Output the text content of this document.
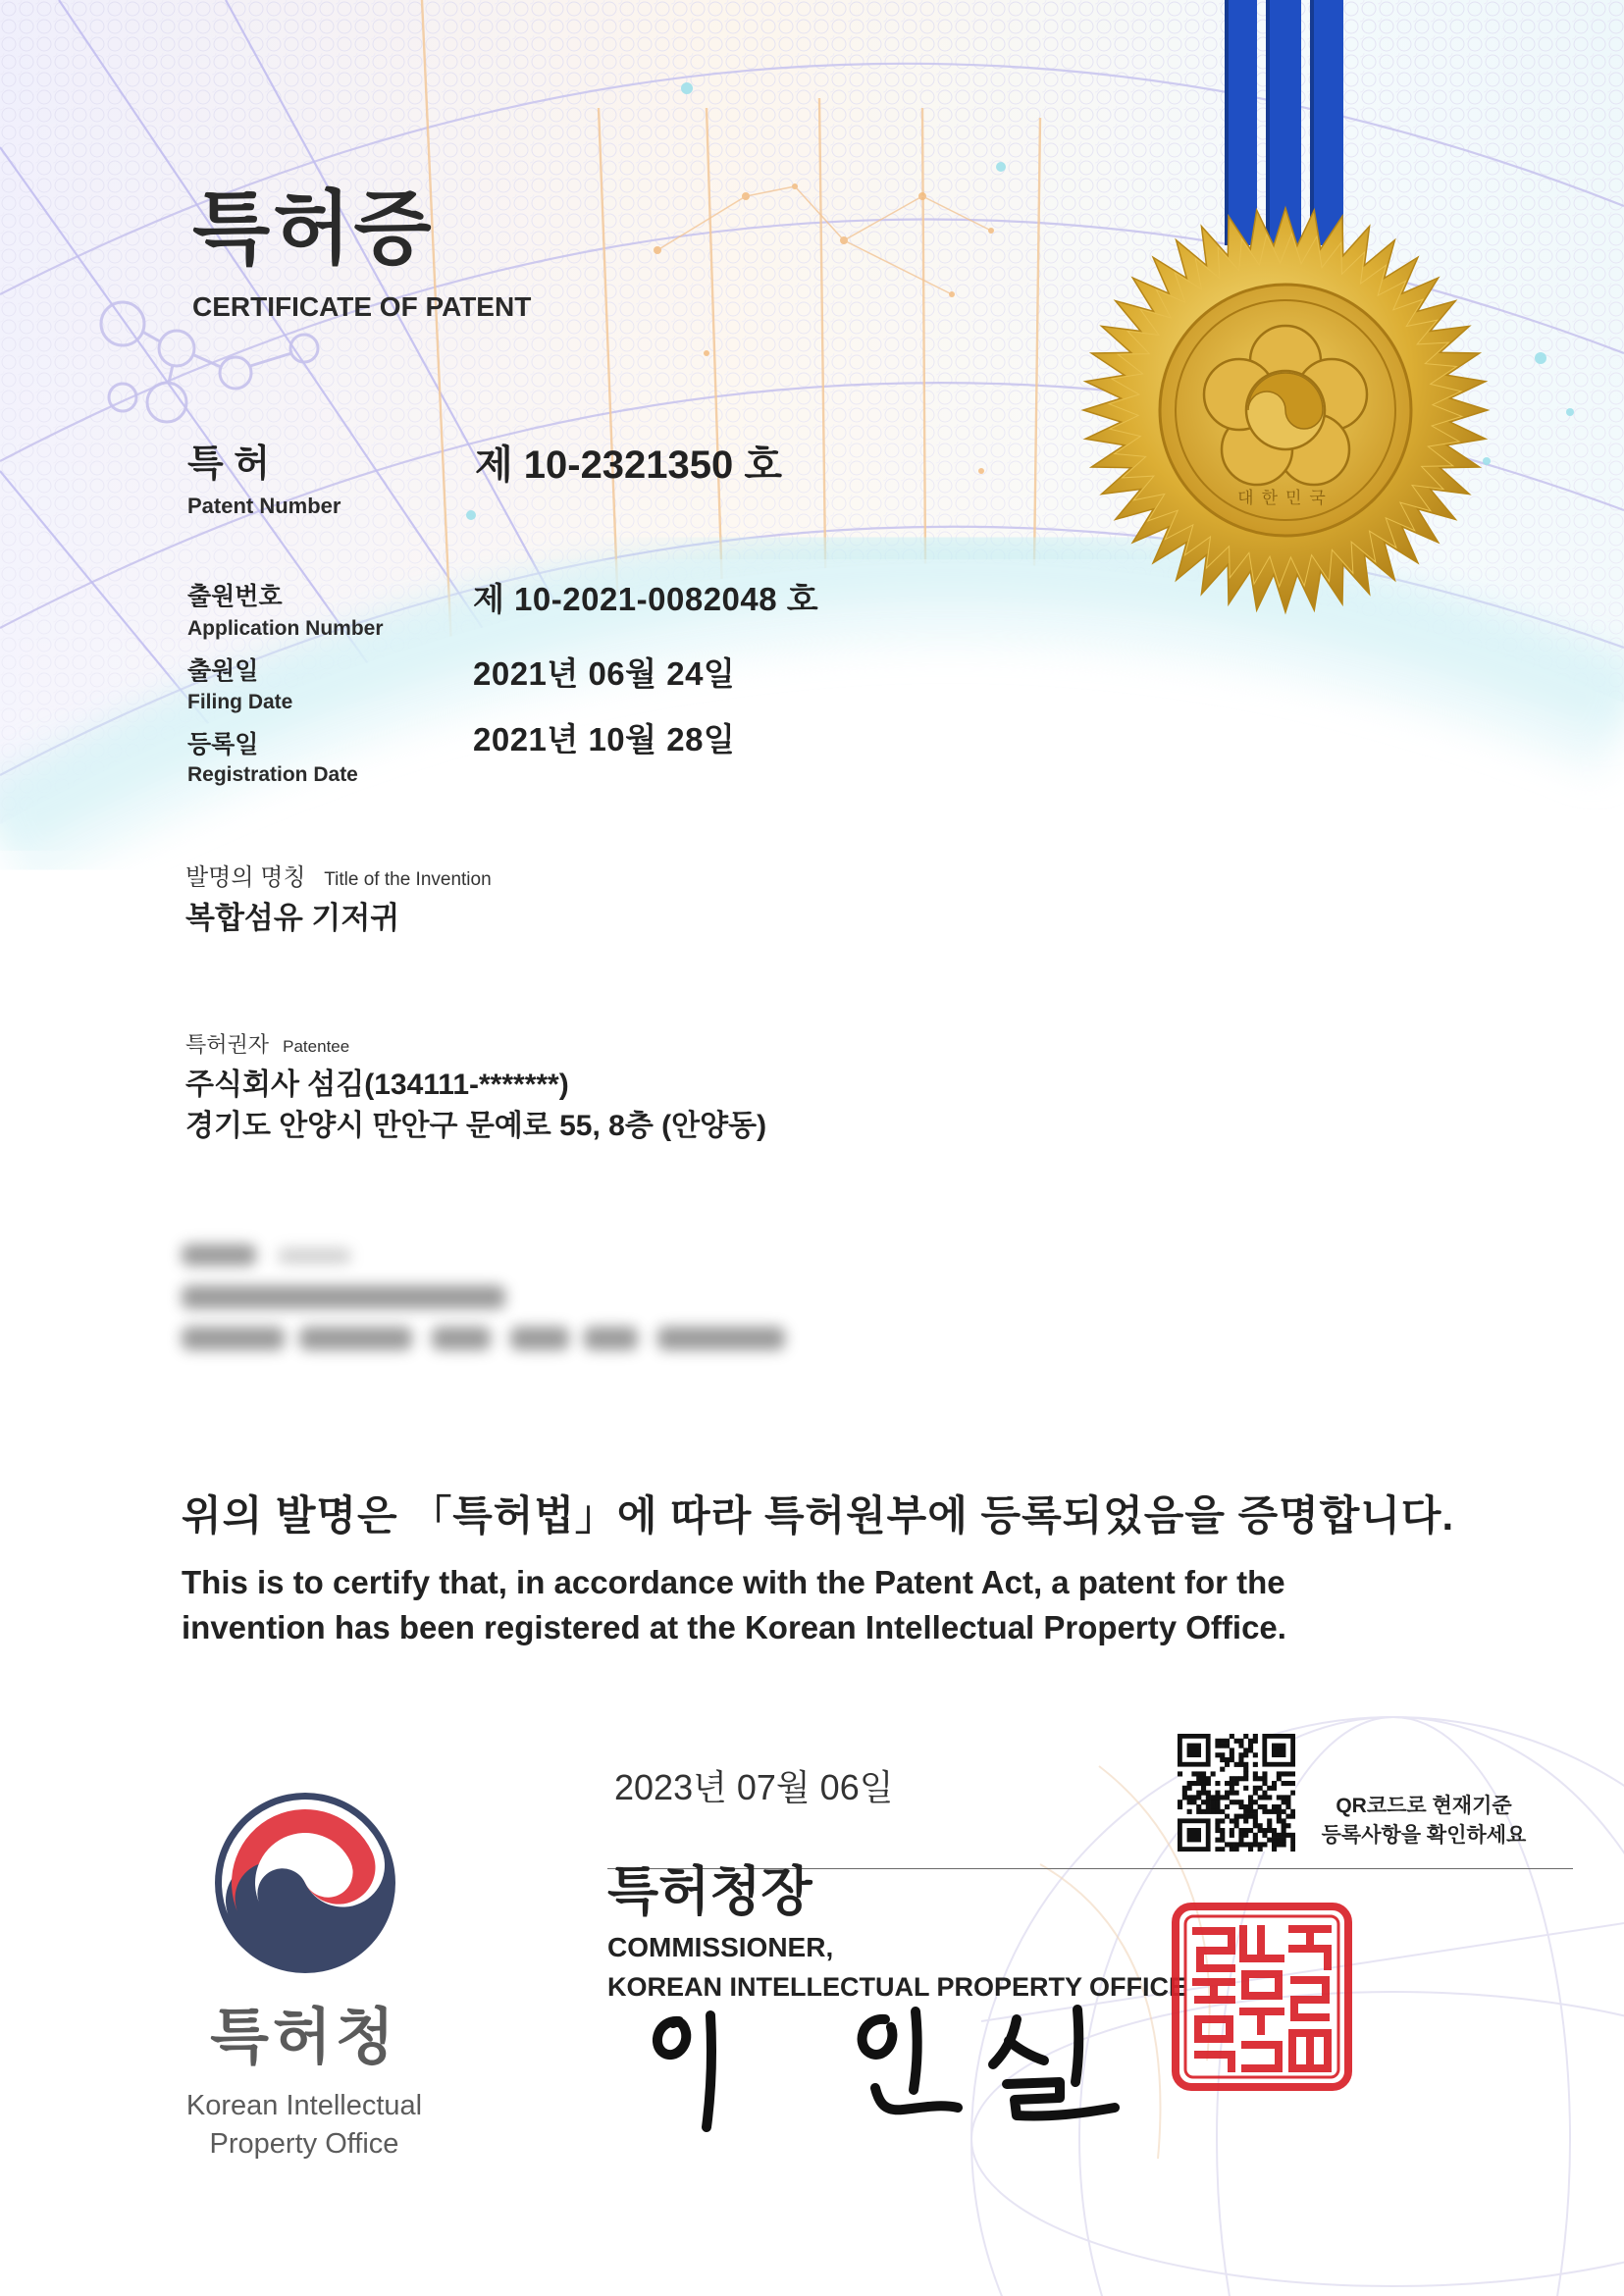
대한민국
특허증
CERTIFICATE OF PATENT
특 허
Patent Number
제 10-2321350 호
출원번호
Application Number
제 10-2021-0082048 호
출원일
Filing Date
2021년 06월 24일
등록일
Registration Date
2021년 10월 28일
발명의 명칭 Title of the Invention
복합섬유 기저귀
특허권자 Patentee
주식회사 섬김(134111-*******)
경기도 안양시 만안구 문예로 55, 8층 (안양동)
위의 발명은 「특허법」에 따라 특허원부에 등록되었음을 증명합니다.
This is to certify that, in accordance with the Patent Act, a patent for the
invention has been registered at the Korean Intellectual Property Office.
2023년 07월 06일	QR코드로 현재기준
등록사항을 확인하세요
특허청장
COMMISSIONER,
KOREAN INTELLECTUAL PROPERTY OFFICE
특허청
Korean Intellectual
Property Office
